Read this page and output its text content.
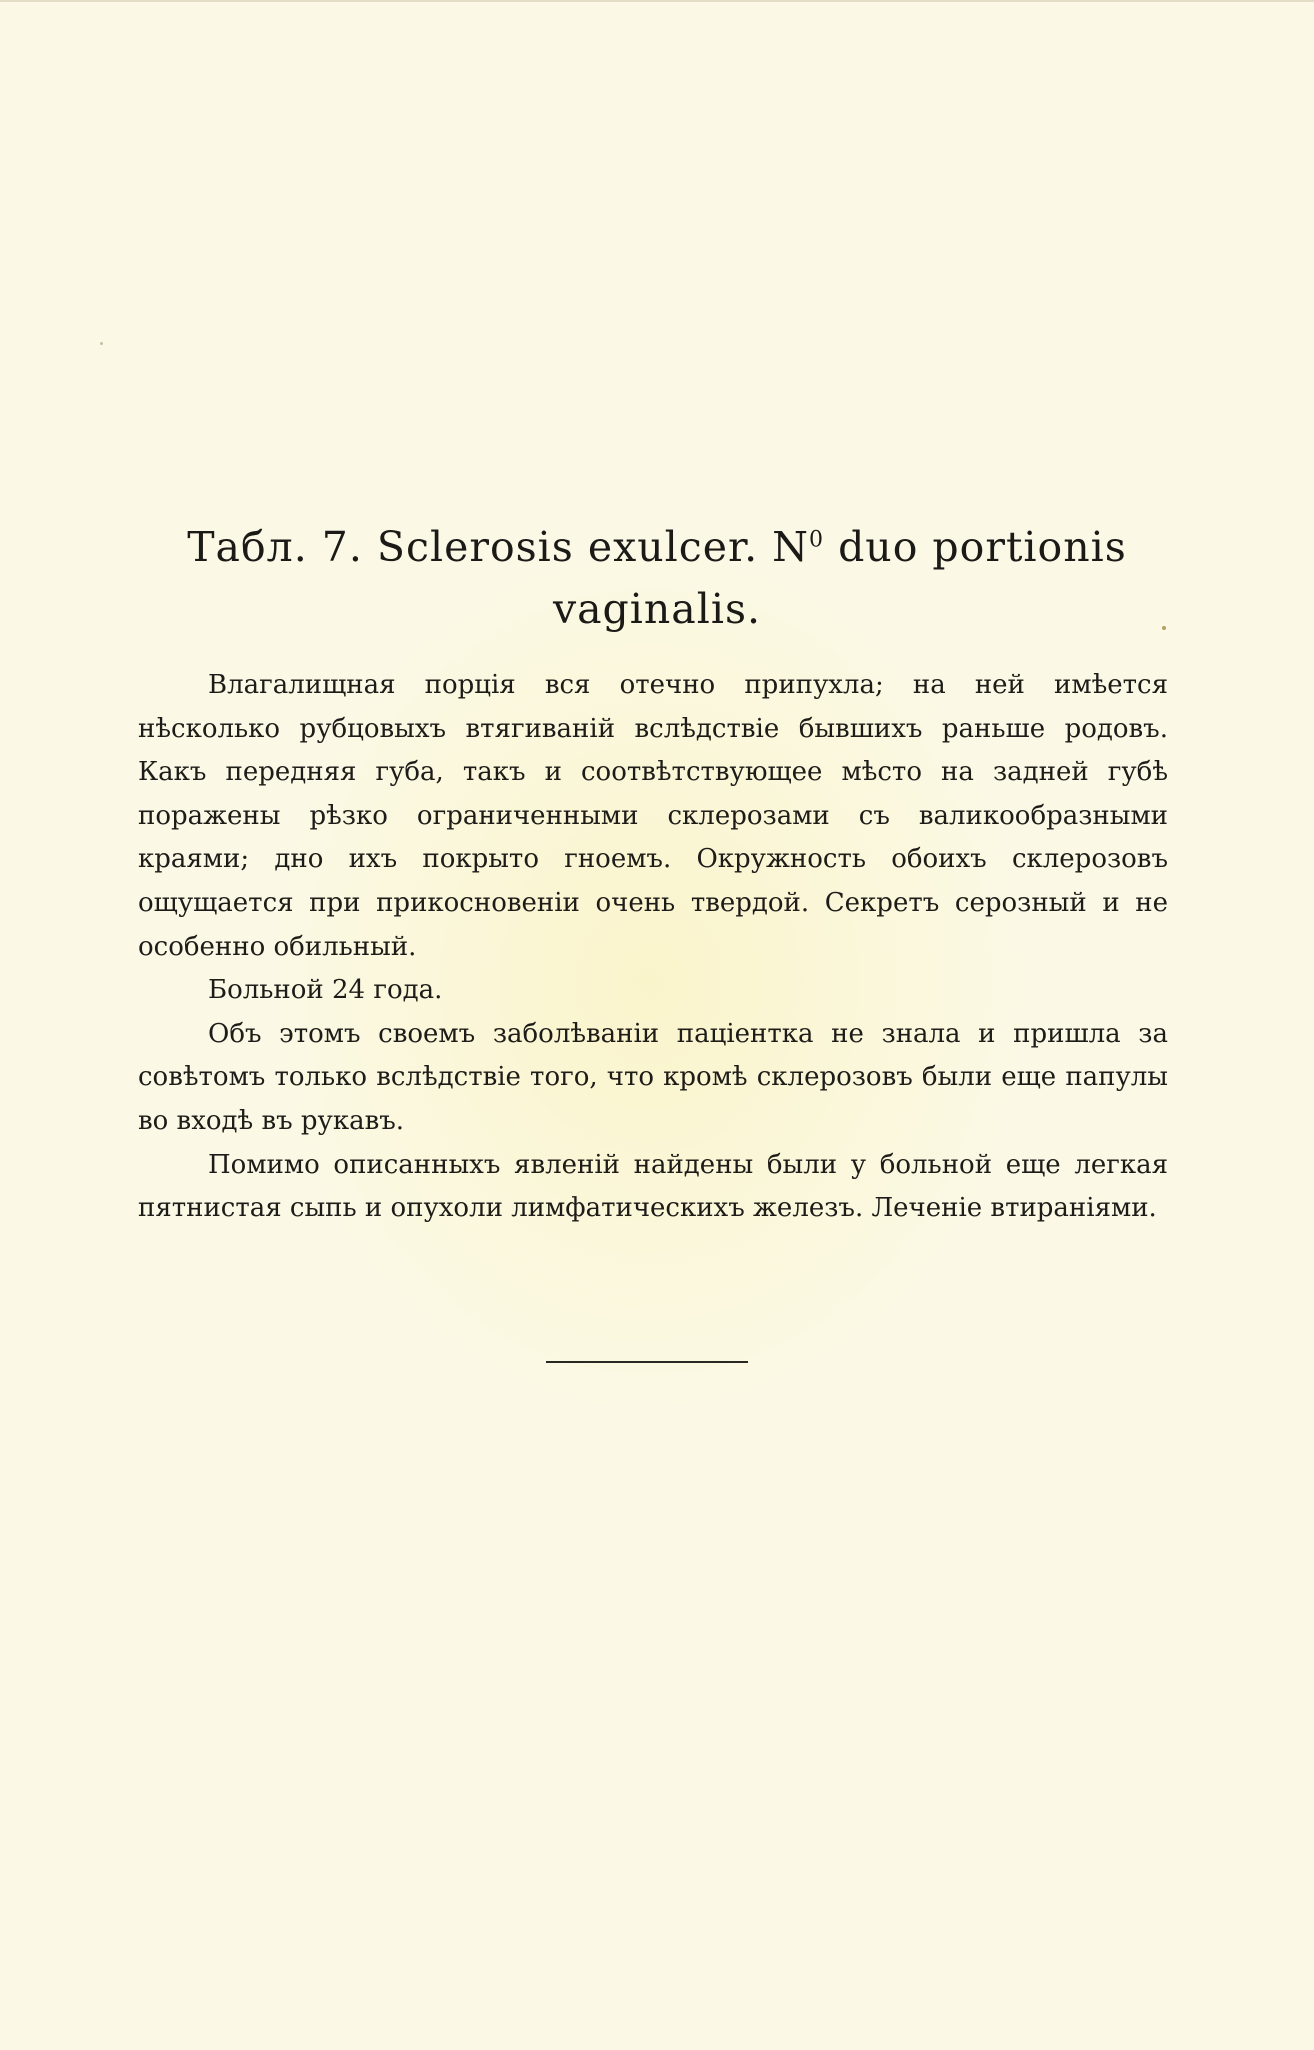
Табл. 7. Sclerosis exulcer. $N^0$ duo portionis vaginalis.

Влагалищная порція вся отечно припухла; на ней имѣется нѣсколько рубцовыхъ втягиваній вслѣдствіе бывшихъ раньше родовъ. Какъ передняя губа, такъ и соотвѣтствующее мѣсто на задней губѣ поражены рѣзко ограниченными склерозами съ валикообразными краями; дно ихъ покрыто гноемъ. Окружность обоихъ склерозовъ ощущается при прикосновеніи очень твердой. Секретъ серозный и не особенно обильный.

Больной 24 года.

Объ этомъ своемъ заболѣваніи паціентка не знала и пришла за совѣтомъ только вслѣдствіе того, что кромѣ склерозовъ были еще папулы во входѣ въ рукавъ.

Помимо описанныхъ явленій найдены были у больной еще легкая пятнистая сыпь и опухоли лимфатическихъ железъ. Леченіе втираніями.
